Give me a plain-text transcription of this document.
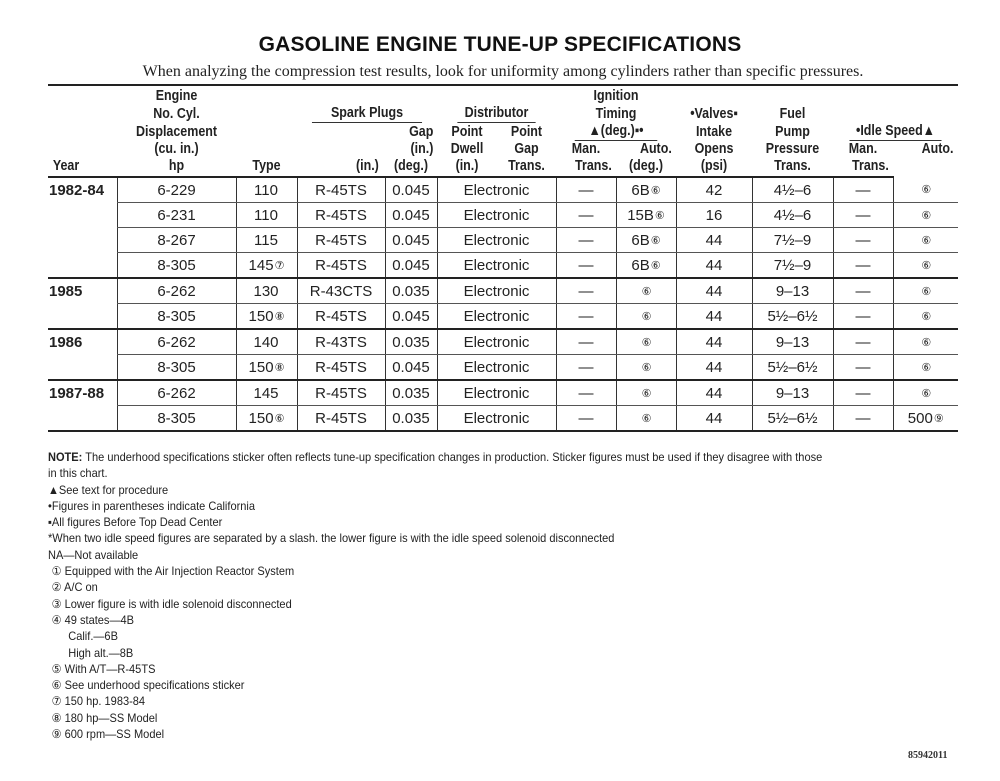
GASOLINE ENGINE TUNE-UP SPECIFICATIONS
When analyzing the compression test results, look for uniformity among cylinders rather than specific pressures.
	Engine						Ignition					
	No. Cyl.		Spark Plugs		Distributor		Timing		•Valves▪	Fuel		
	Displacement			Gap	Point	Point	▲(deg.)▪•		Intake	Pump	•Idle Speed▲	
	(cu. in.)			(in.)	Dwell	Gap	Man.	Auto.	Opens	Pressure	Man.	Auto.
Year	hp	Type	(in.)	(deg.)	(in.)	Trans.	Trans.	(deg.)	(psi)	Trans.	Trans.	
1982-84	6-229	110	R-45TS	0.045	Electronic		—	6B⑥	42	4½–6	—	⑥
	6-231	110	R-45TS	0.045	Electronic		—	15B⑥	16	4½–6	—	⑥
	8-267	115	R-45TS	0.045	Electronic		—	6B⑥	44	7½–9	—	⑥
	8-305	145⑦	R-45TS	0.045	Electronic		—	6B⑥	44	7½–9	—	⑥
1985	6-262	130	R-43CTS	0.035	Electronic		—	⑥	44	9–13	—	⑥
	8-305	150⑧	R-45TS	0.045	Electronic		—	⑥	44	5½–6½	—	⑥
1986	6-262	140	R-43TS	0.035	Electronic		—	⑥	44	9–13	—	⑥
	8-305	150⑧	R-45TS	0.045	Electronic		—	⑥	44	5½–6½	—	⑥
1987-88	6-262	145	R-45TS	0.035	Electronic		—	⑥	44	9–13	—	⑥
	8-305	150⑥	R-45TS	0.035	Electronic		—	⑥	44	5½–6½	—	500⑨
NOTE: The underhood specifications sticker often reflects tune-up specification changes in production. Sticker figures must be used if they disagree with those
in this chart.
▲See text for procedure
•Figures in parentheses indicate California
▪All figures Before Top Dead Center
*When two idle speed figures are separated by a slash. the lower figure is with the idle speed solenoid disconnected
NA—Not available
① Equipped with the Air Injection Reactor System
② A/C on
③ Lower figure is with idle solenoid disconnected
④ 49 states—4B
Calif.—6B
High alt.—8B
⑤ With A/T—R-45TS
⑥ See underhood specifications sticker
⑦ 150 hp. 1983-84
⑧ 180 hp—SS Model
⑨ 600 rpm—SS Model
85942011
